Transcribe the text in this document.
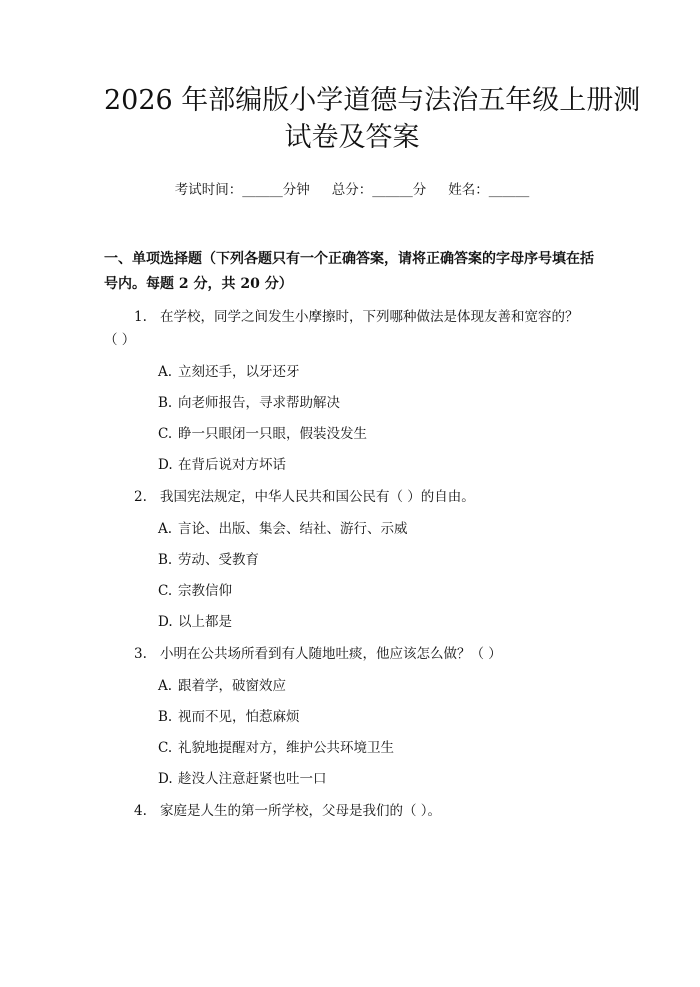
2026 年部编版小学道德与法治五年级上册测
试卷及答案
考试时间：______分钟 总分：______分 姓名：______
一、单项选择题（下列各题只有一个正确答案，请将正确答案的字母序号填在括
号内。每题 2 分，共 20 分）
1. 在学校，同学之间发生小摩擦时，下列哪种做法是体现友善和宽容的？
（ ）
A. 立刻还手，以牙还牙
B. 向老师报告，寻求帮助解决
C. 睁一只眼闭一只眼，假装没发生
D. 在背后说对方坏话
2. 我国宪法规定，中华人民共和国公民有（ ）的自由。
A. 言论、出版、集会、结社、游行、示威
B. 劳动、受教育
C. 宗教信仰
D. 以上都是
3. 小明在公共场所看到有人随地吐痰，他应该怎么做？（ ）
A. 跟着学，破窗效应
B. 视而不见，怕惹麻烦
C. 礼貌地提醒对方，维护公共环境卫生
D. 趁没人注意赶紧也吐一口
4. 家庭是人生的第一所学校，父母是我们的（ ）。
